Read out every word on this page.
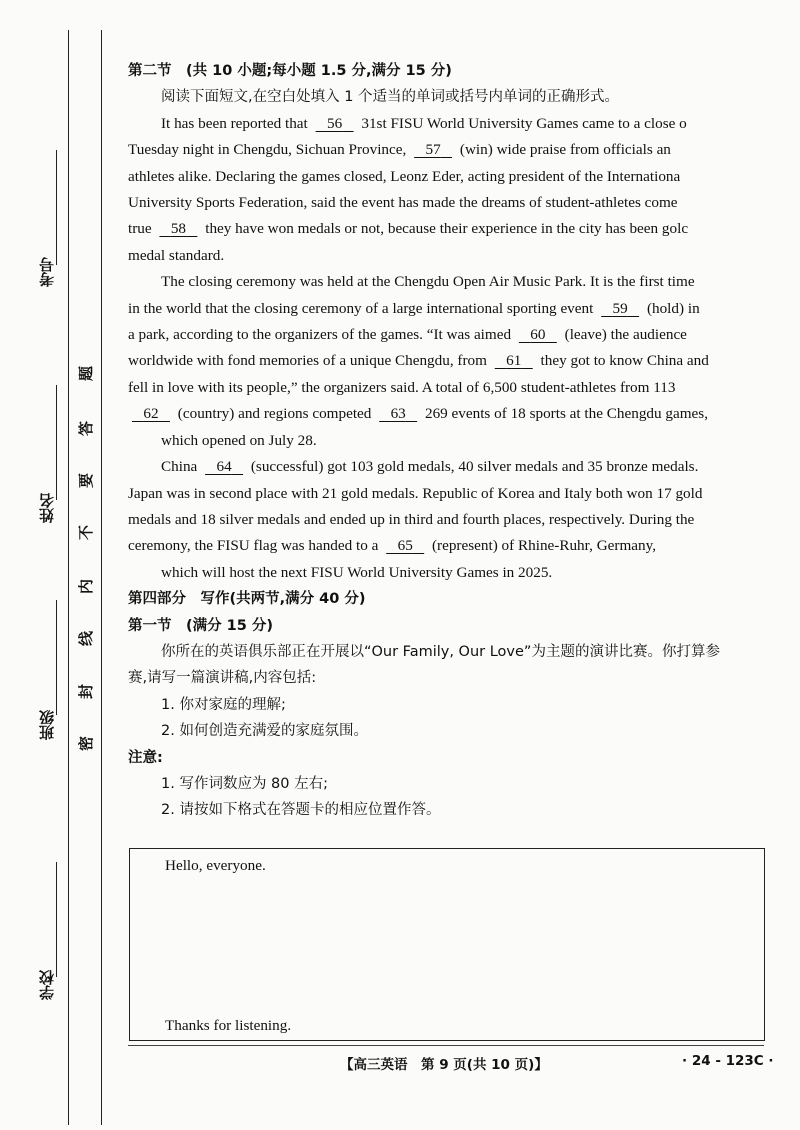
考号
姓名
班级
学校
题
答
要
不
内
线
封
密
第二节　(共 10 小题;每小题 1.5 分,满分 15 分)
阅读下面短文,在空白处填入 1 个适当的单词或括号内单词的正确形式。
It has been reported that 56 31st FISU World University Games came to a close o
Tuesday night in Chengdu, Sichuan Province, 57 (win) wide praise from officials an
athletes alike. Declaring the games closed, Leonz Eder, acting president of the Internationa
University Sports Federation, said the event has made the dreams of student-athletes come
true 58 they have won medals or not, because their experience in the city has been golc
medal standard.
The closing ceremony was held at the Chengdu Open Air Music Park. It is the first time
in the world that the closing ceremony of a large international sporting event 59 (hold) in
a park, according to the organizers of the games. “It was aimed 60 (leave) the audience
worldwide with fond memories of a unique Chengdu, from 61 they got to know China and
fell in love with its people,” the organizers said. A total of 6,500 student-athletes from 113
62 (country) and regions competed 63 269 events of 18 sports at the Chengdu games,
which opened on July 28.
China 64 (successful) got 103 gold medals, 40 silver medals and 35 bronze medals.
Japan was in second place with 21 gold medals. Republic of Korea and Italy both won 17 gold
medals and 18 silver medals and ended up in third and fourth places, respectively. During the
ceremony, the FISU flag was handed to a 65 (represent) of Rhine-Ruhr, Germany,
which will host the next FISU World University Games in 2025.
第四部分　写作(共两节,满分 40 分)
第一节　(满分 15 分)
你所在的英语俱乐部正在开展以“Our Family, Our Love”为主题的演讲比赛。你打算参
赛,请写一篇演讲稿,内容包括:
1. 你对家庭的理解;
2. 如何创造充满爱的家庭氛围。
注意:
1. 写作词数应为 80 左右;
2. 请按如下格式在答题卡的相应位置作答。
Hello, everyone.
Thanks for listening.
【高三英语　第 9 页(共 10 页)】	· 24 - 123C ·
